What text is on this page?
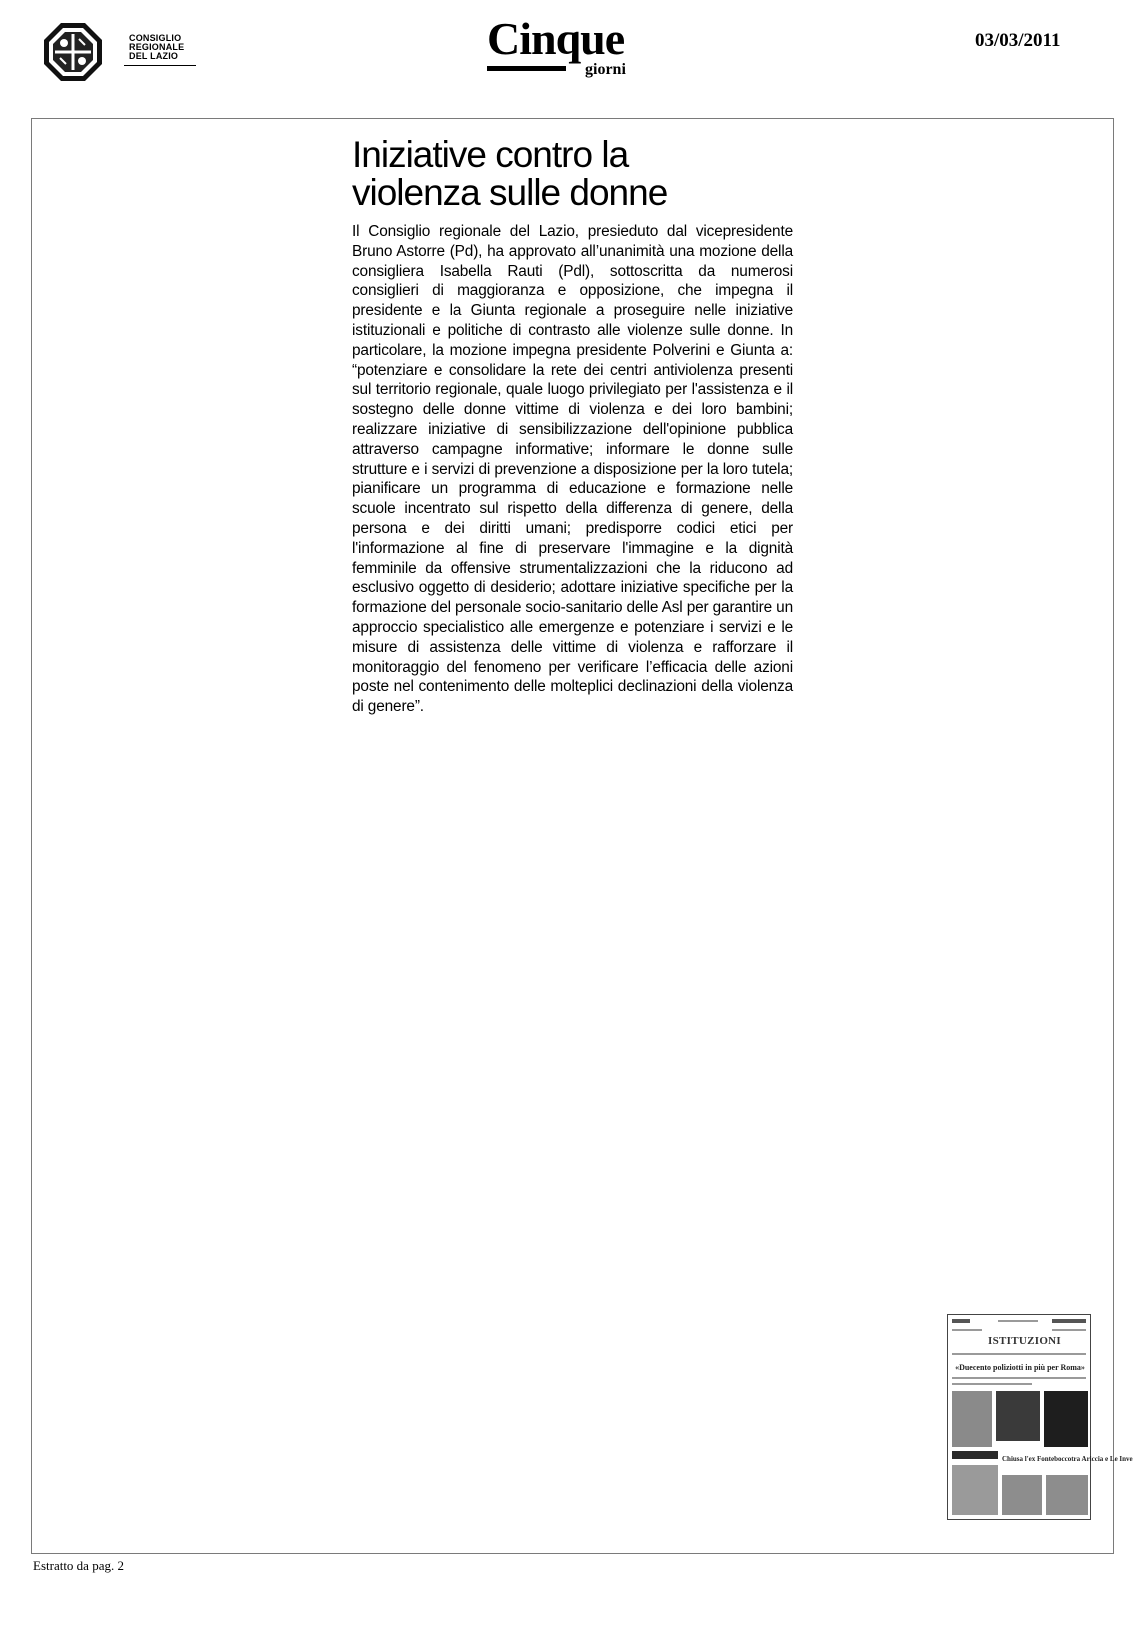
CONSIGLIO
REGIONALE
DEL LAZIO	Cinque
giorni
03/03/2011
Iniziative contro la
violenza sulle donne

Il Consiglio regionale del Lazio, presieduto dal vicepresidente Bruno Astorre (Pd), ha approvato all’unanimità una mozione della consigliera Isabella Rauti (Pdl), sottoscritta da numerosi consiglieri di maggioranza e opposizione, che impegna il presidente e la Giunta regionale a proseguire nelle iniziative istituzionali e politiche di contrasto alle violenze sulle donne. In particolare, la mozione impegna presidente Polverini e Giunta a: “potenziare e consolidare la rete dei centri antiviolenza presenti sul territorio regionale, quale luogo privilegiato per l'assistenza e il sostegno delle donne vittime di violenza e dei loro bambini; realizzare iniziative di sensibilizzazione dell'opinione pubblica attraverso campagne informative; informare le donne sulle strutture e i servizi di prevenzione a disposizione per la loro tutela; pianificare un programma di educazione e formazione nelle scuole incentrato sul rispetto della differenza di genere, della persona e dei diritti umani; predisporre codici etici per l'informazione al fine di preservare l'immagine e la dignità femminile da offensive strumentalizzazioni che la riducono ad esclusivo oggetto di desiderio; adottare iniziative specifiche per la formazione del personale socio-sanitario delle Asl per garantire un approccio specialistico alle emergenze e potenziare i servizi e le misure di assistenza delle vittime di violenza e rafforzare il monitoraggio del fenomeno per verificare l’efficacia delle azioni poste nel contenimento delle molteplici declinazioni della violenza di genere”.

ISTITUZIONI
«Duecento poliziotti in più per Roma»
Chiusa l'ex Fonteboccotra Ariccia e Le Inve
Estratto da pag. 2
